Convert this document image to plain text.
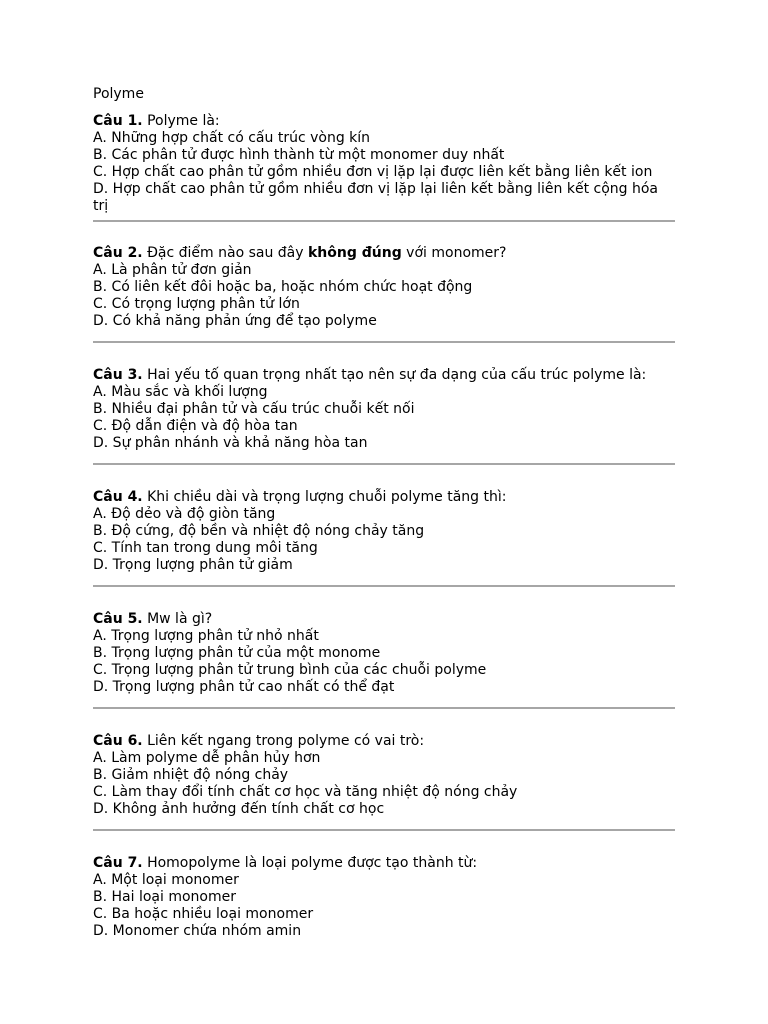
Polyme
Câu 1. Polyme là:
A. Những hợp chất có cấu trúc vòng kín
B. Các phân tử được hình thành từ một monomer duy nhất
C. Hợp chất cao phân tử gồm nhiều đơn vị lặp lại được liên kết bằng liên kết ion
D. Hợp chất cao phân tử gồm nhiều đơn vị lặp lại liên kết bằng liên kết cộng hóa trị
Câu 2. Đặc điểm nào sau đây không đúng với monomer?
A. Là phân tử đơn giản
B. Có liên kết đôi hoặc ba, hoặc nhóm chức hoạt động
C. Có trọng lượng phân tử lớn
D. Có khả năng phản ứng để tạo polyme
Câu 3. Hai yếu tố quan trọng nhất tạo nên sự đa dạng của cấu trúc polyme là:
A. Màu sắc và khối lượng
B. Nhiều đại phân tử và cấu trúc chuỗi kết nối
C. Độ dẫn điện và độ hòa tan
D. Sự phân nhánh và khả năng hòa tan
Câu 4. Khi chiều dài và trọng lượng chuỗi polyme tăng thì:
A. Độ dẻo và độ giòn tăng
B. Độ cứng, độ bền và nhiệt độ nóng chảy tăng
C. Tính tan trong dung môi tăng
D. Trọng lượng phân tử giảm
Câu 5. Mw là gì?
A. Trọng lượng phân tử nhỏ nhất
B. Trọng lượng phân tử của một monome
C. Trọng lượng phân tử trung bình của các chuỗi polyme
D. Trọng lượng phân tử cao nhất có thể đạt
Câu 6. Liên kết ngang trong polyme có vai trò:
A. Làm polyme dễ phân hủy hơn
B. Giảm nhiệt độ nóng chảy
C. Làm thay đổi tính chất cơ học và tăng nhiệt độ nóng chảy
D. Không ảnh hưởng đến tính chất cơ học
Câu 7. Homopolyme là loại polyme được tạo thành từ:
A. Một loại monomer
B. Hai loại monomer
C. Ba hoặc nhiều loại monomer
D. Monomer chứa nhóm amin
